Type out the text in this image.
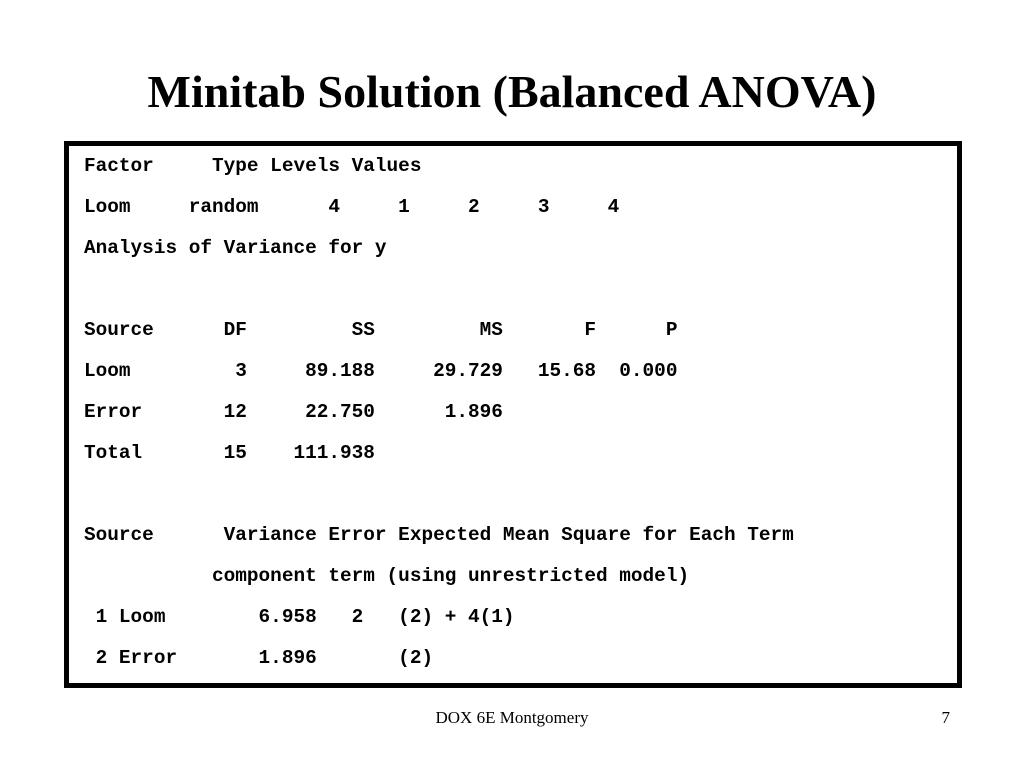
Minitab Solution (Balanced ANOVA)
Factor     Type Levels Values
Loom     random      4     1     2     3     4
Analysis of Variance for y
Source      DF         SS         MS       F      P
Loom         3     89.188     29.729   15.68  0.000
Error       12     22.750      1.896
Total       15    111.938
Source      Variance Error Expected Mean Square for Each Term
component term (using unrestricted model)
1 Loom        6.958   2   (2) + 4(1)
2 Error       1.896       (2)
DOX 6E Montgomery	7
